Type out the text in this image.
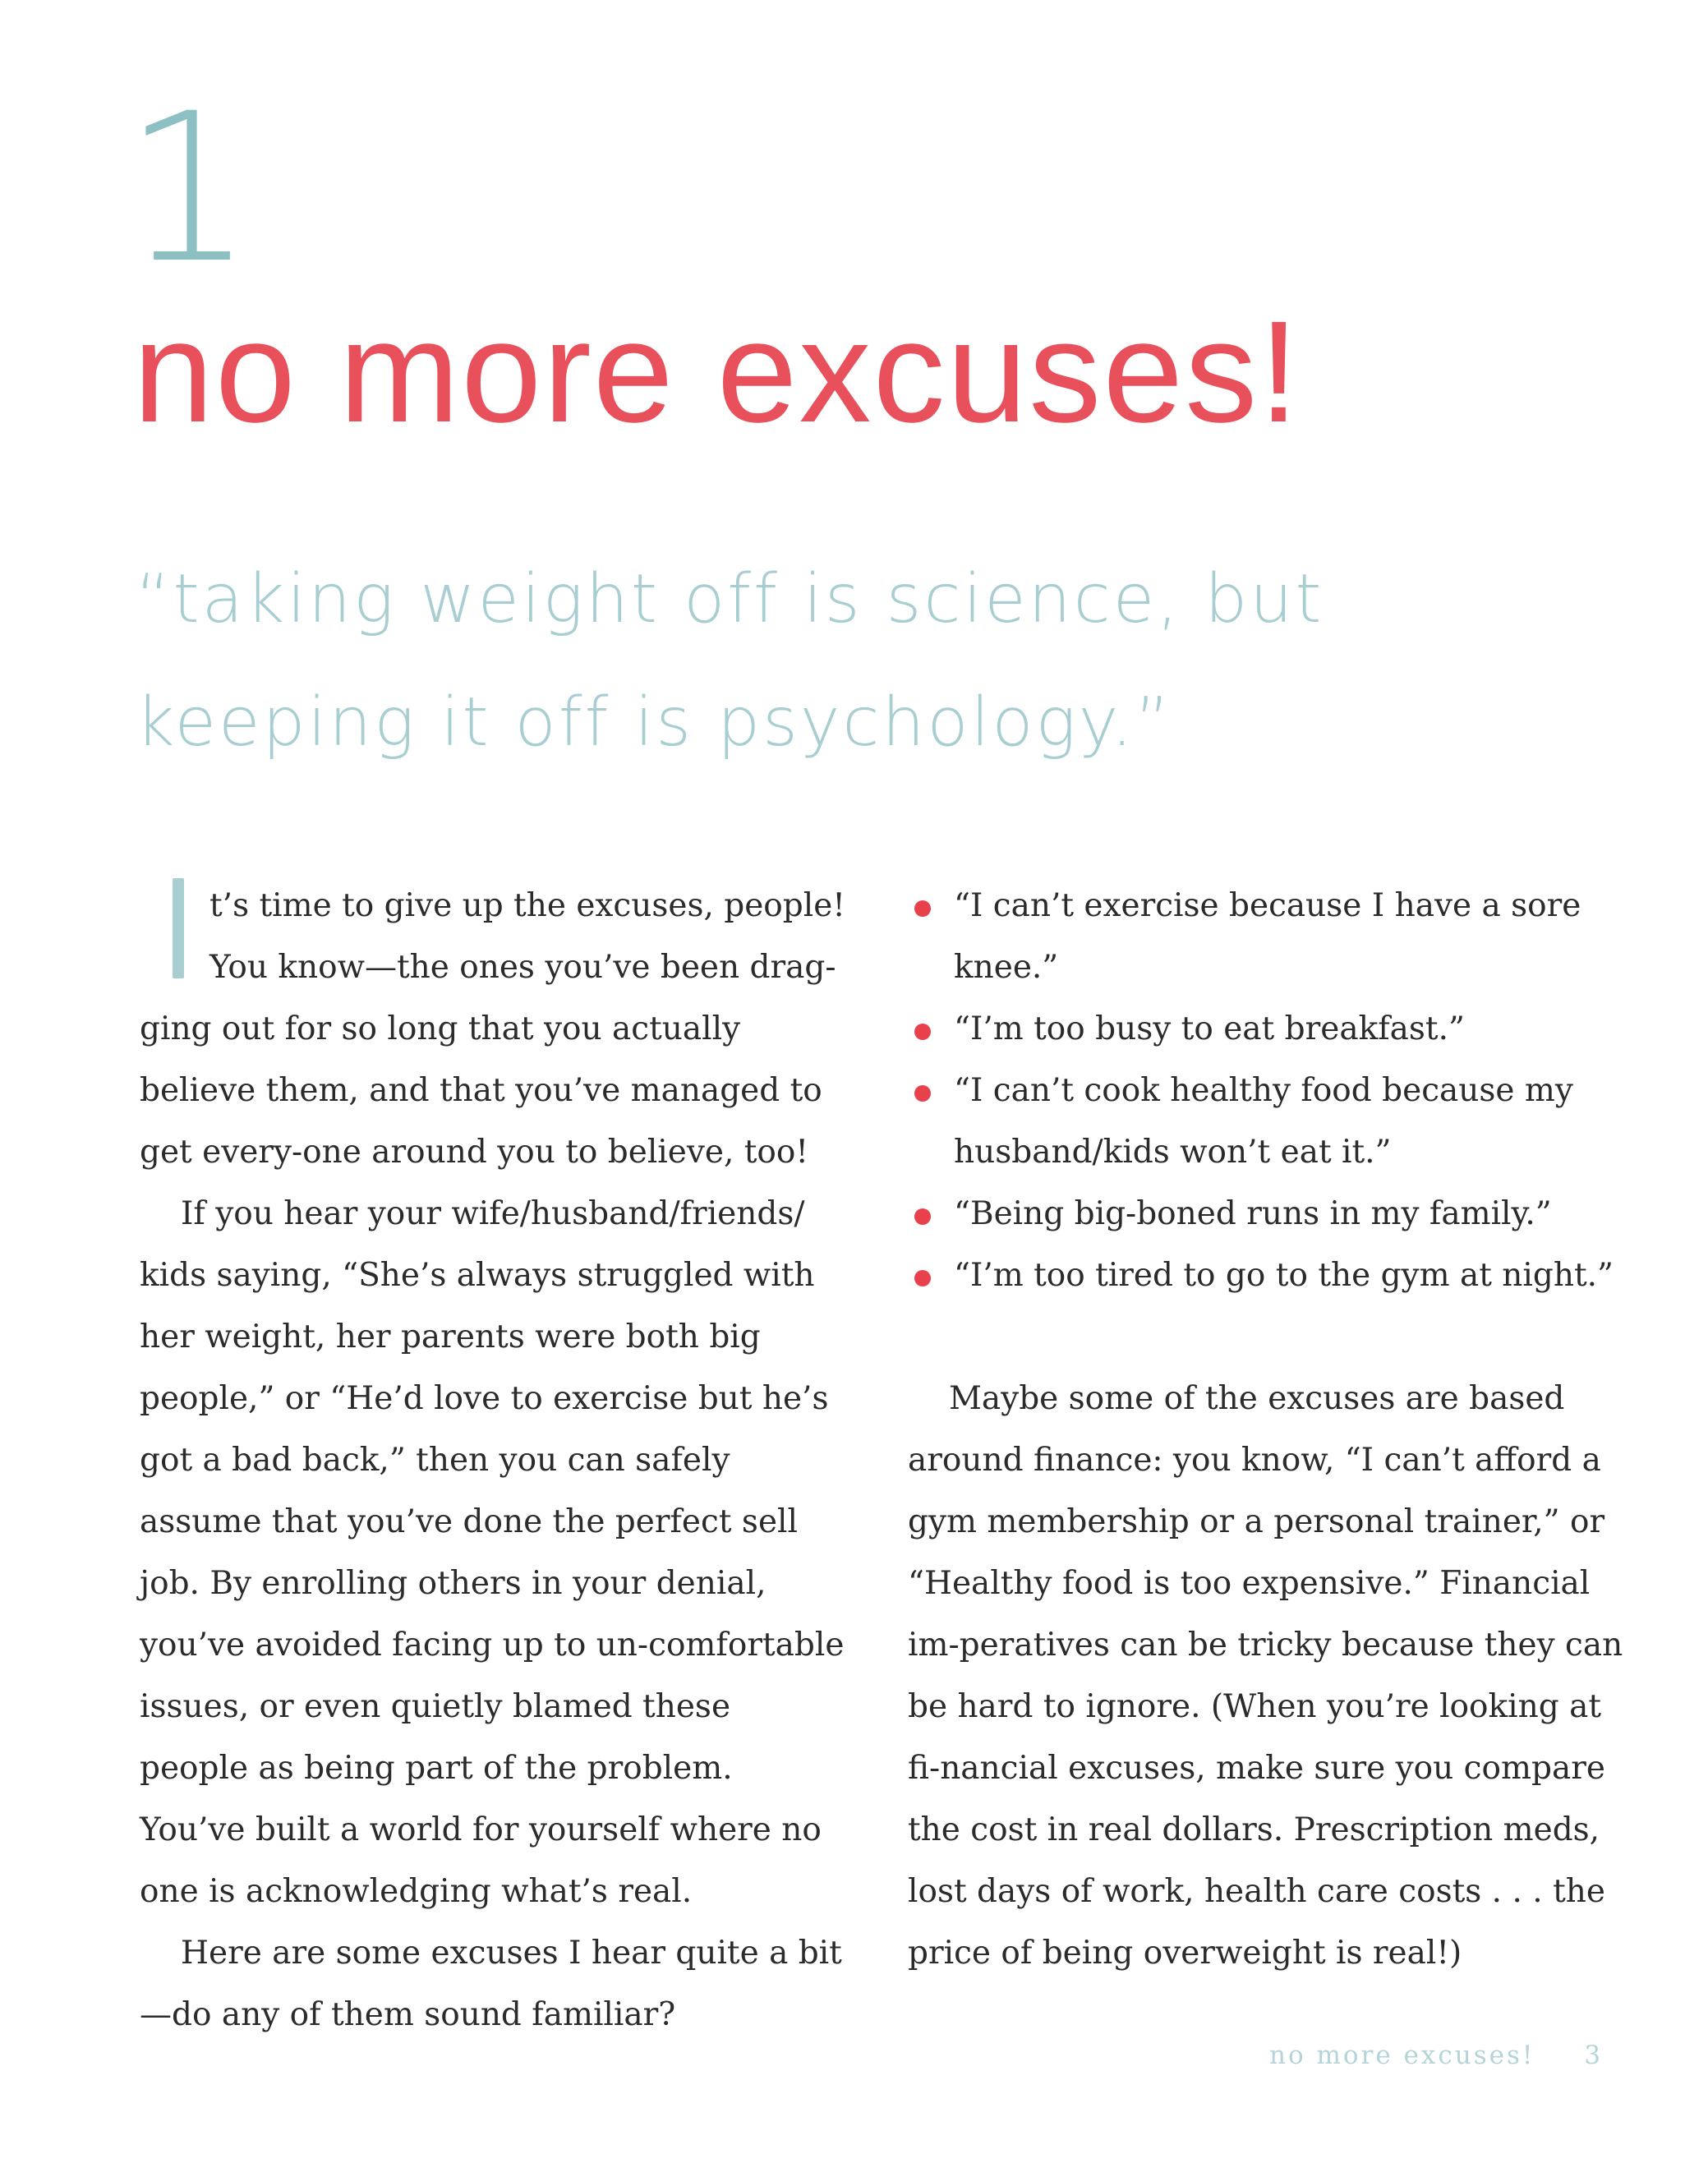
1
no more excuses!
“taking weight off is science, but keeping it off is psychology.”

t’s time to give up the excuses, people! You know—the ones you’ve been drag-

ging out for so long that you actually believe them, and that you’ve managed to get every-one around you to believe, too!

If you hear your wife/husband/friends/ kids saying, “She’s always struggled with her weight, her parents were both big people,” or “He’d love to exercise but he’s got a bad back,” then you can safely assume that you’ve done the perfect sell job. By enrolling others in your denial, you’ve avoided facing up to un-comfortable issues, or even quietly blamed these people as being part of the problem. You’ve built a world for yourself where no one is acknowledging what’s real.

Here are some excuses I hear quite a bit—do any of them sound familiar?

“I can’t exercise because I have a sore knee.”
“I’m too busy to eat breakfast.”
“I can’t cook healthy food because my husband/kids won’t eat it.”
“Being big-boned runs in my family.”
“I’m too tired to go to the gym at night.”

Maybe some of the excuses are based around finance: you know, “I can’t afford a gym membership or a personal trainer,” or “Healthy food is too expensive.” Financial im-peratives can be tricky because they can be hard to ignore. (When you’re looking at fi-nancial excuses, make sure you compare the cost in real dollars. Prescription meds, lost days of work, health care costs . . . the price of being overweight is real!)

no more excuses! 3
